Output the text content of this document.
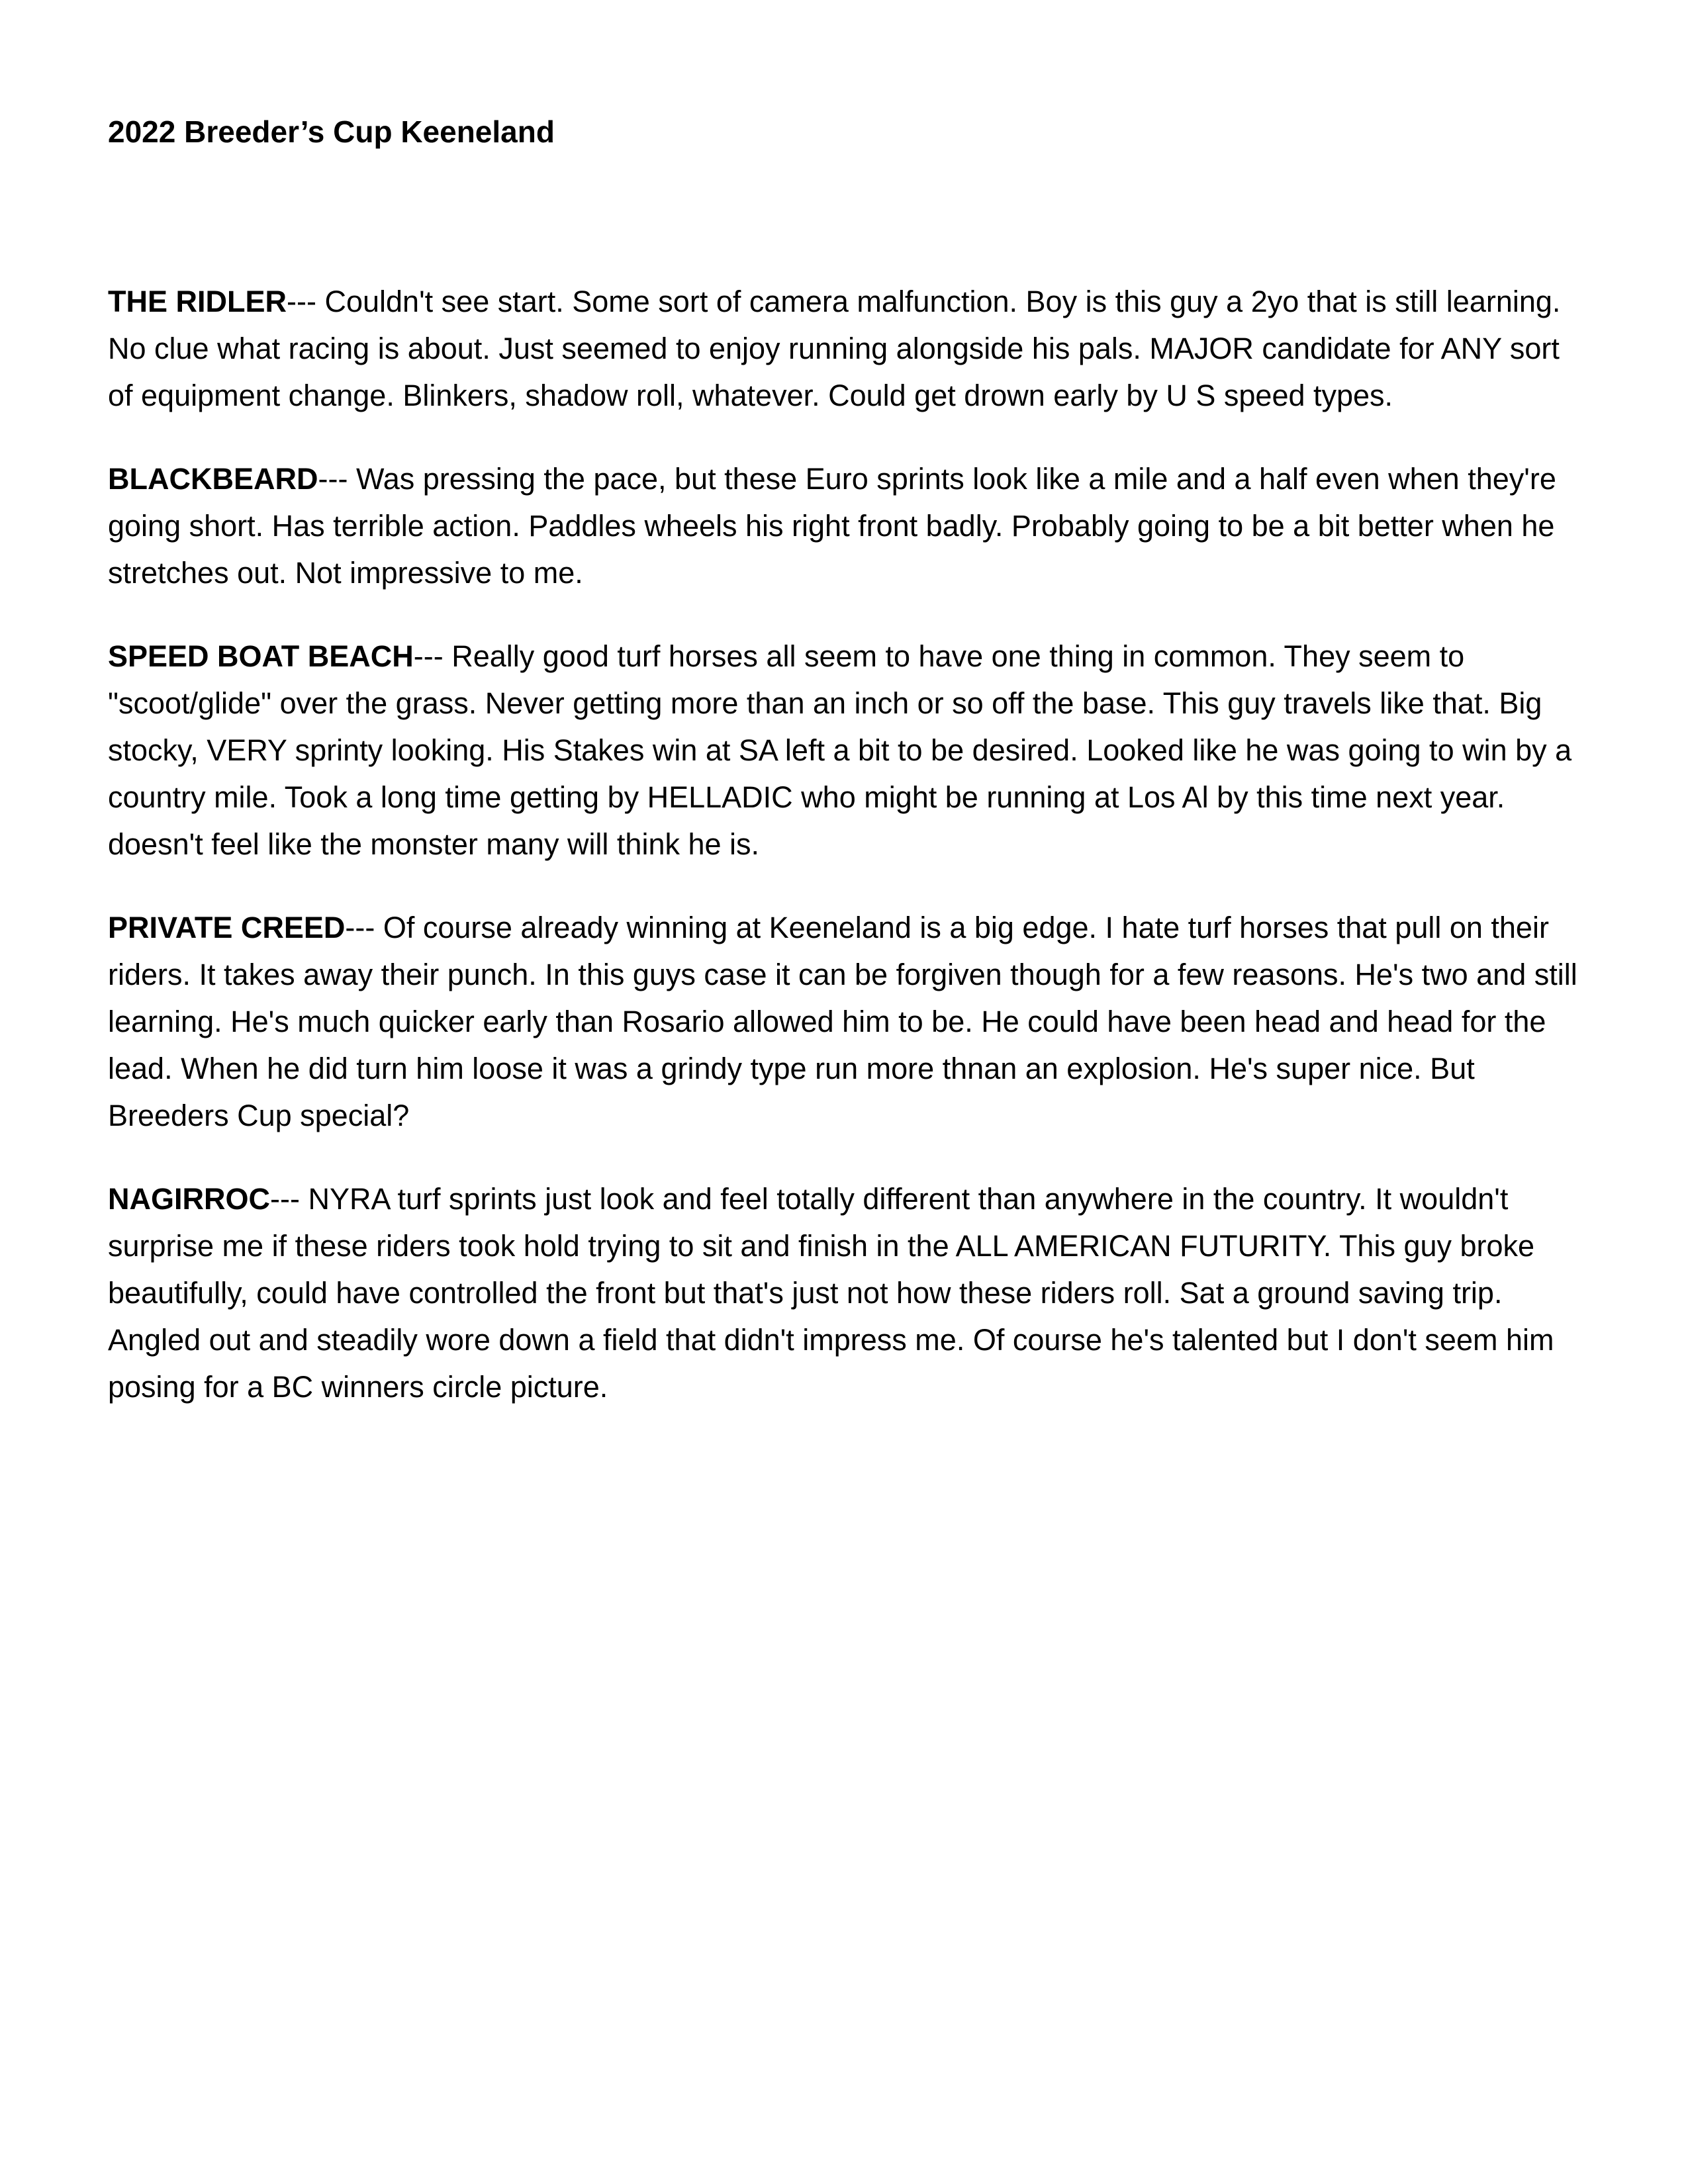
2022 Breeder’s Cup Keeneland

THE RIDLER--- Couldn't see start. Some sort of camera malfunction. Boy is this guy a 2yo that is still learning. No clue what racing is about. Just seemed to enjoy running alongside his pals. MAJOR candidate for ANY sort of equipment change. Blinkers, shadow roll, whatever. Could get drown early by U S speed types.

BLACKBEARD--- Was pressing the pace, but these Euro sprints look like a mile and a half even when they're going short. Has terrible action. Paddles wheels his right front badly. Probably going to be a bit better when he stretches out. Not impressive to me.

SPEED BOAT BEACH--- Really good turf horses all seem to have one thing in common. They seem to "scoot/glide" over the grass. Never getting more than an inch or so off the base. This guy travels like that. Big stocky, VERY sprinty looking. His Stakes win at SA left a bit to be desired. Looked like he was going to win by a country mile. Took a long time getting by HELLADIC who might be running at Los Al by this time next year. doesn't feel like the monster many will think he is.

PRIVATE CREED--- Of course already winning at Keeneland is a big edge. I hate turf horses that pull on their riders. It takes away their punch. In this guys case it can be forgiven though for a few reasons. He's two and still learning. He's much quicker early than Rosario allowed him to be. He could have been head and head for the lead. When he did turn him loose it was a grindy type run more thnan an explosion. He's super nice. But Breeders Cup special?

NAGIRROC--- NYRA turf sprints just look and feel totally different than anywhere in the country. It wouldn't surprise me if these riders took hold trying to sit and finish in the ALL AMERICAN FUTURITY. This guy broke beautifully, could have controlled the front but that's just not how these riders roll. Sat a ground saving trip. Angled out and steadily wore down a field that didn't impress me. Of course he's talented but I don't seem him posing for a BC winners circle picture.
